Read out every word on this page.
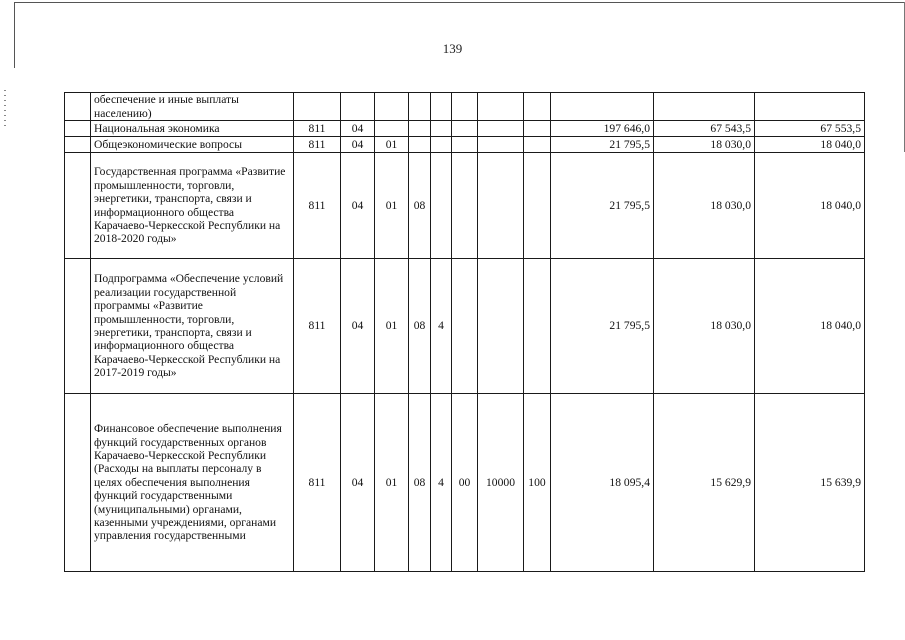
139
	обеспечение и иные выплаты населению)											
	Национальная экономика	811	04							197 646,0	67 543,5	67 553,5
	Общеэкономические вопросы	811	04	01						21 795,5	18 030,0	18 040,0
	Государственная программа «Развитие промышленности, торговли, энергетики, транспорта, связи и информационного общества Карачаево-Черкесской Республики на 2018-2020 годы»	811	04	01	08					21 795,5	18 030,0	18 040,0
	Подпрограмма «Обеспечение условий реализации государственной программы «Развитие промышленности, торговли, энергетики, транспорта, связи и информационного общества Карачаево-Черкесской Республики на 2017-2019 годы»	811	04	01	08	4				21 795,5	18 030,0	18 040,0
	Финансовое обеспечение выполнения функций государственных органов Карачаево-Черкесской Республики (Расходы на выплаты персоналу в целях обеспечения выполнения функций государственными (муниципальными) органами, казенными учреждениями, органами управления государственными	811	04	01	08	4	00	10000	100	18 095,4	15 629,9	15 639,9
